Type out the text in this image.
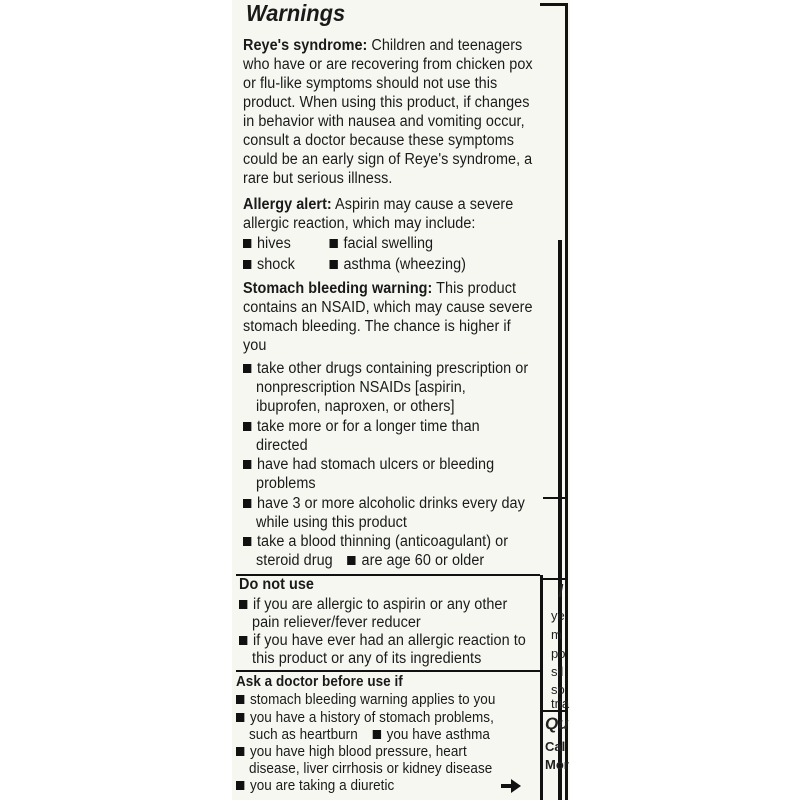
Warnings
Reye's syndrome: Children and teenagers
who have or are recovering from chicken pox
or flu-like symptoms should not use this
product. When using this product, if changes
in behavior with nausea and vomiting occur,
consult a doctor because these symptoms
could be an early sign of Reye's syndrome, a
rare but serious illness.
Allergy alert: Aspirin may cause a severe
allergic reaction, which may include:
hives	facial swelling
shock	asthma (wheezing)
Stomach bleeding warning: This product
contains an NSAID, which may cause severe
stomach bleeding. The chance is higher if
you
take other drugs containing prescription or
nonprescription NSAIDs [aspirin,
ibuprofen, naproxen, or others]
take more or for a longer time than
directed
have had stomach ulcers or bleeding
problems
have 3 or more alcoholic drinks every day
while using this product
take a blood thinning (anticoagulant) or
steroid drug are age 60 or older
Do not use
if you are allergic to aspirin or any other
pain reliever/fever reducer
if you have ever had an allergic reaction to
this product or any of its ingredients
Ask a doctor before use if
stomach bleeding warning applies to you
you have a history of stomach problems,
such as heartburn you have asthma
you have high blood pressure, heart
disease, liver cirrhosis or kidney disease
you are taking a diuretic
I
ye
m
po
sil
so
tria
Qu
Cal
Mor
